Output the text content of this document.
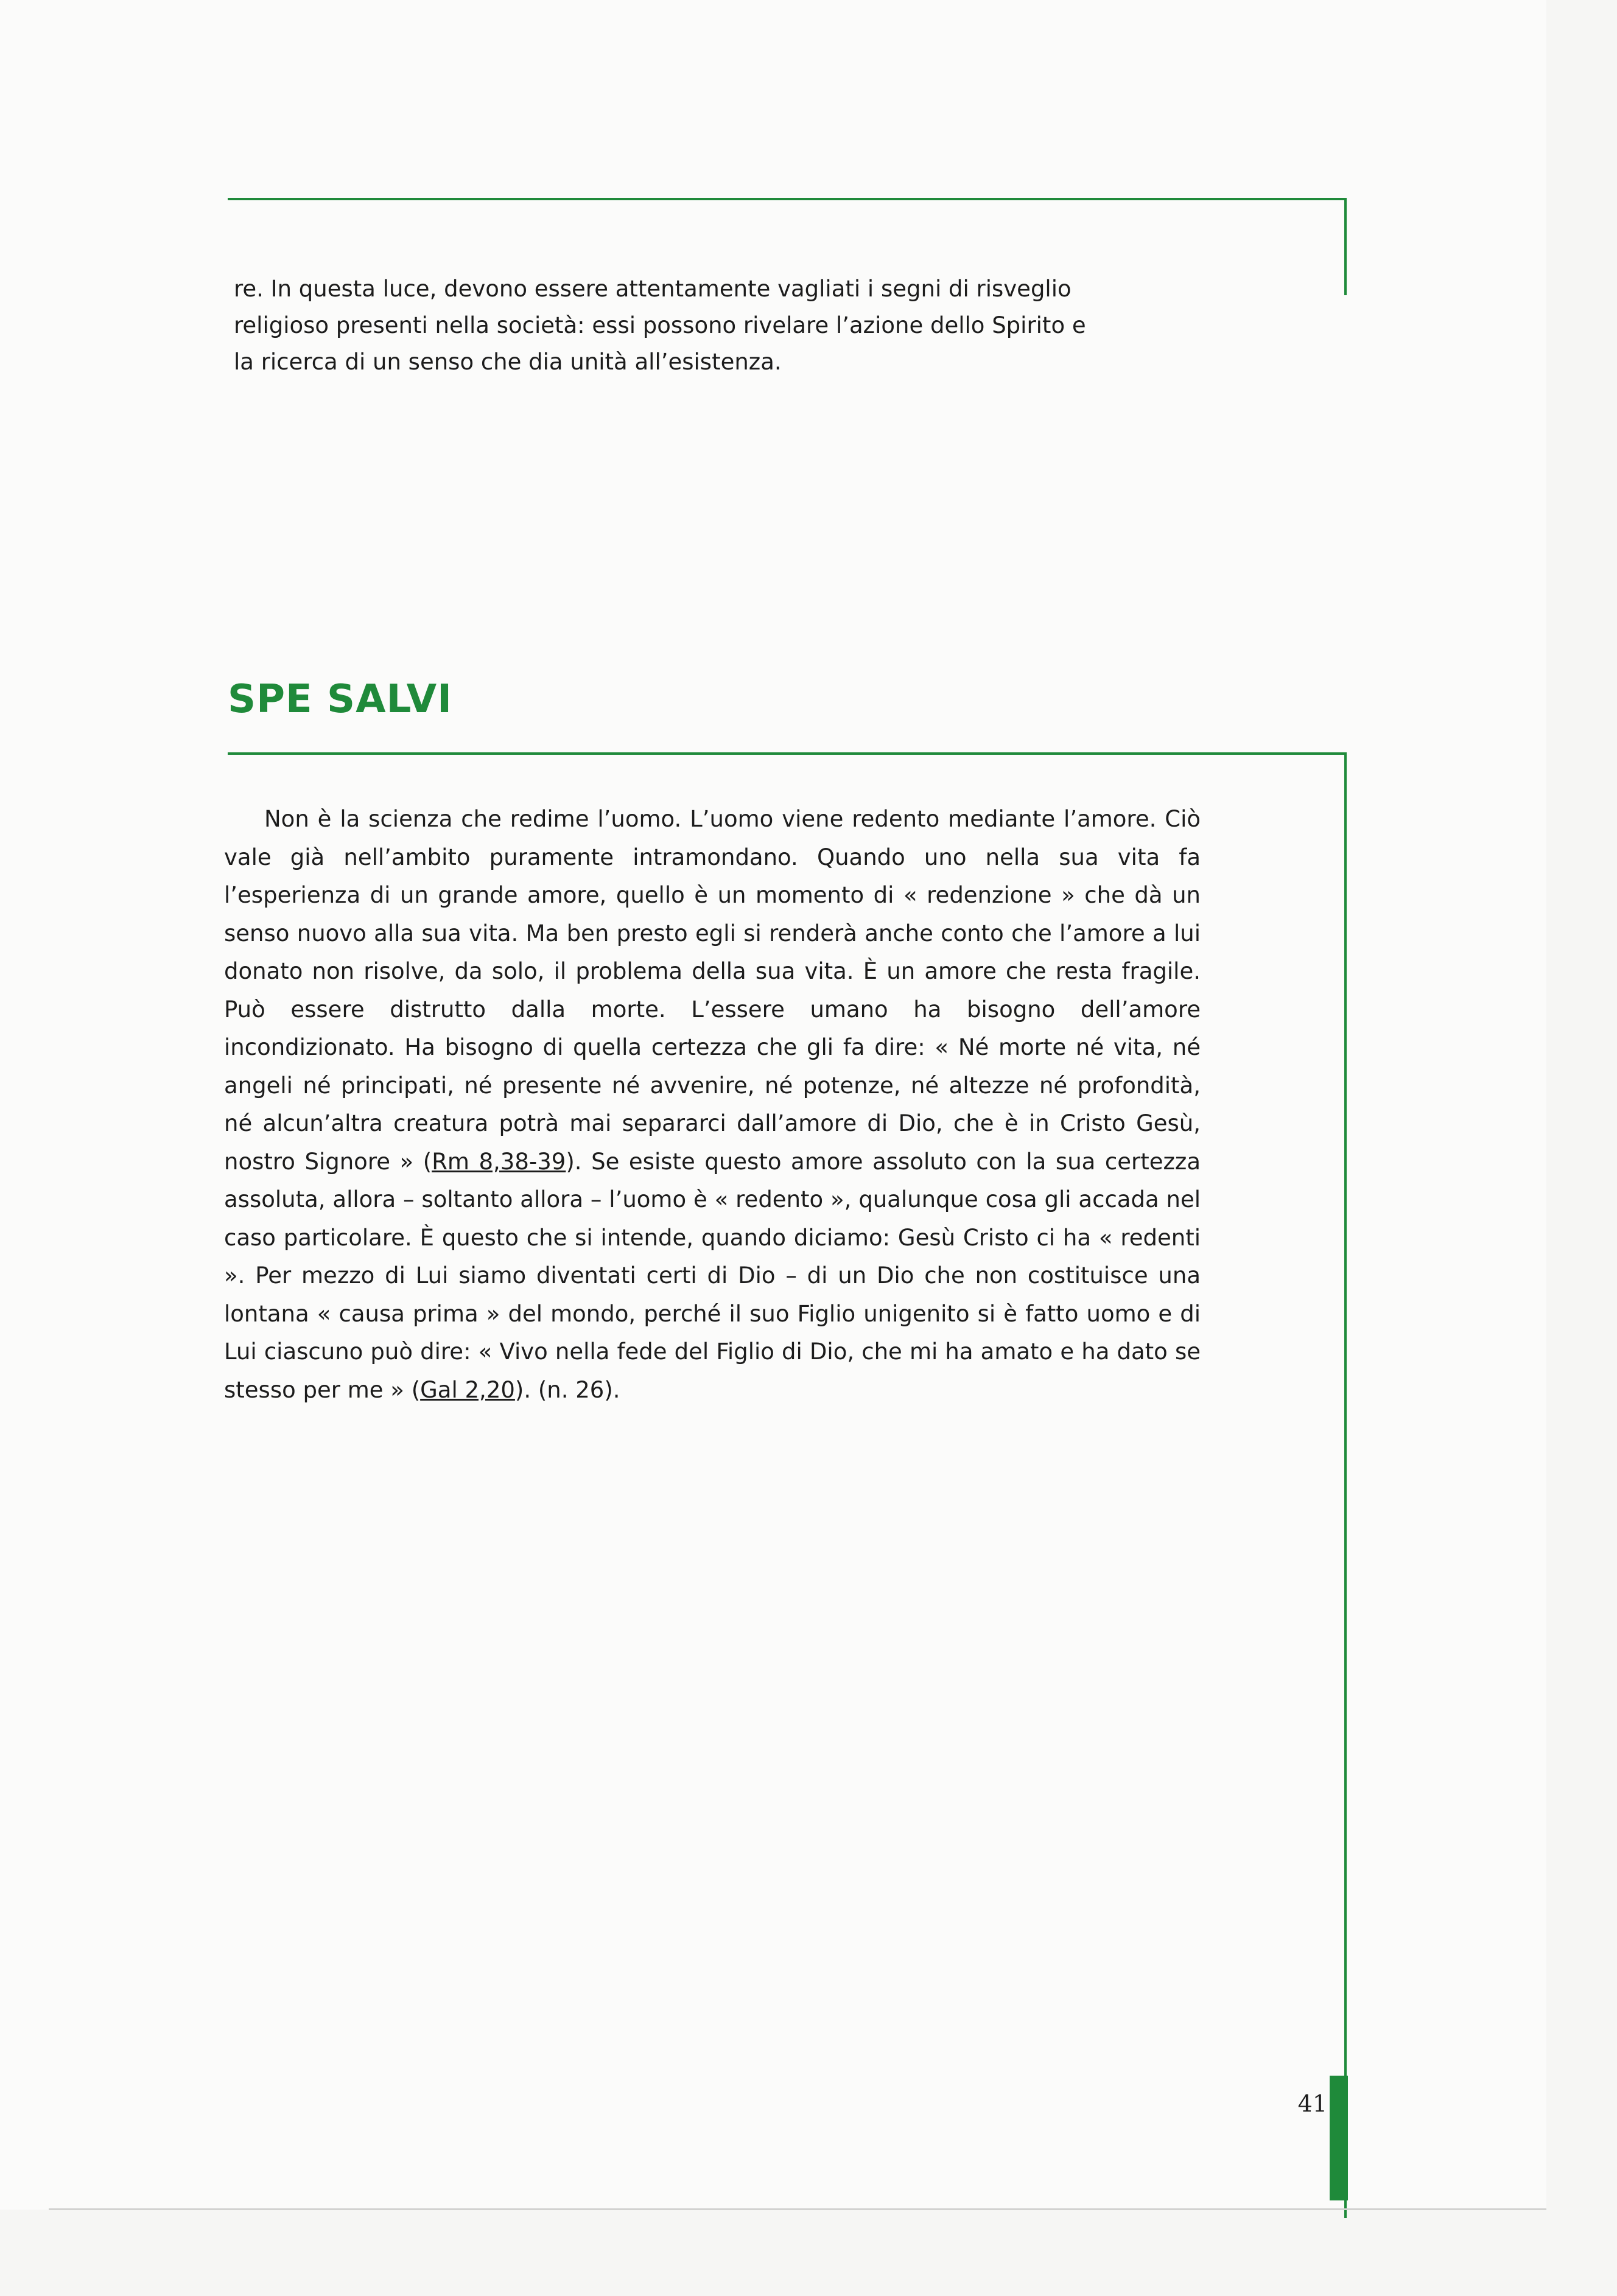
re. In questa luce, devono essere attentamente vagliati i segni di risveglio
religioso presenti nella società: essi possono rivelare l’azione dello Spirito e
la ricerca di un senso che dia unità all’esistenza.
SPE SALVI

Non è la scienza che redime l’uomo. L’uomo viene redento mediante l’amore. Ciò vale già nell’ambito puramente intramondano. Quando uno nella sua vita fa l’esperienza di un grande amore, quello è un momento di « redenzione » che dà un senso nuovo alla sua vita. Ma ben presto egli si renderà anche conto che l’amore a lui donato non risolve, da solo, il problema della sua vita. È un amore che resta fragile. Può essere distrutto dalla morte. L’essere umano ha bisogno dell’amore incondizionato. Ha bisogno di quella certezza che gli fa dire: « Né morte né vita, né angeli né principati, né presente né avvenire, né potenze, né altezze né profondità, né alcun’altra creatura potrà mai separarci dall’amore di Dio, che è in Cristo Gesù, nostro Signore » (Rm 8,38-39). Se esiste questo amore assoluto con la sua certezza assoluta, allora – soltanto allora – l’uomo è « redento », qualunque cosa gli accada nel caso particolare. È questo che si intende, quando diciamo: Gesù Cristo ci ha « redenti ». Per mezzo di Lui siamo diventati certi di Dio – di un Dio che non costituisce una lontana « causa prima » del mondo, perché il suo Figlio unigenito si è fatto uomo e di Lui ciascuno può dire: « Vivo nella fede del Figlio di Dio, che mi ha amato e ha dato se stesso per me » (Gal 2,20). (n. 26).

41
